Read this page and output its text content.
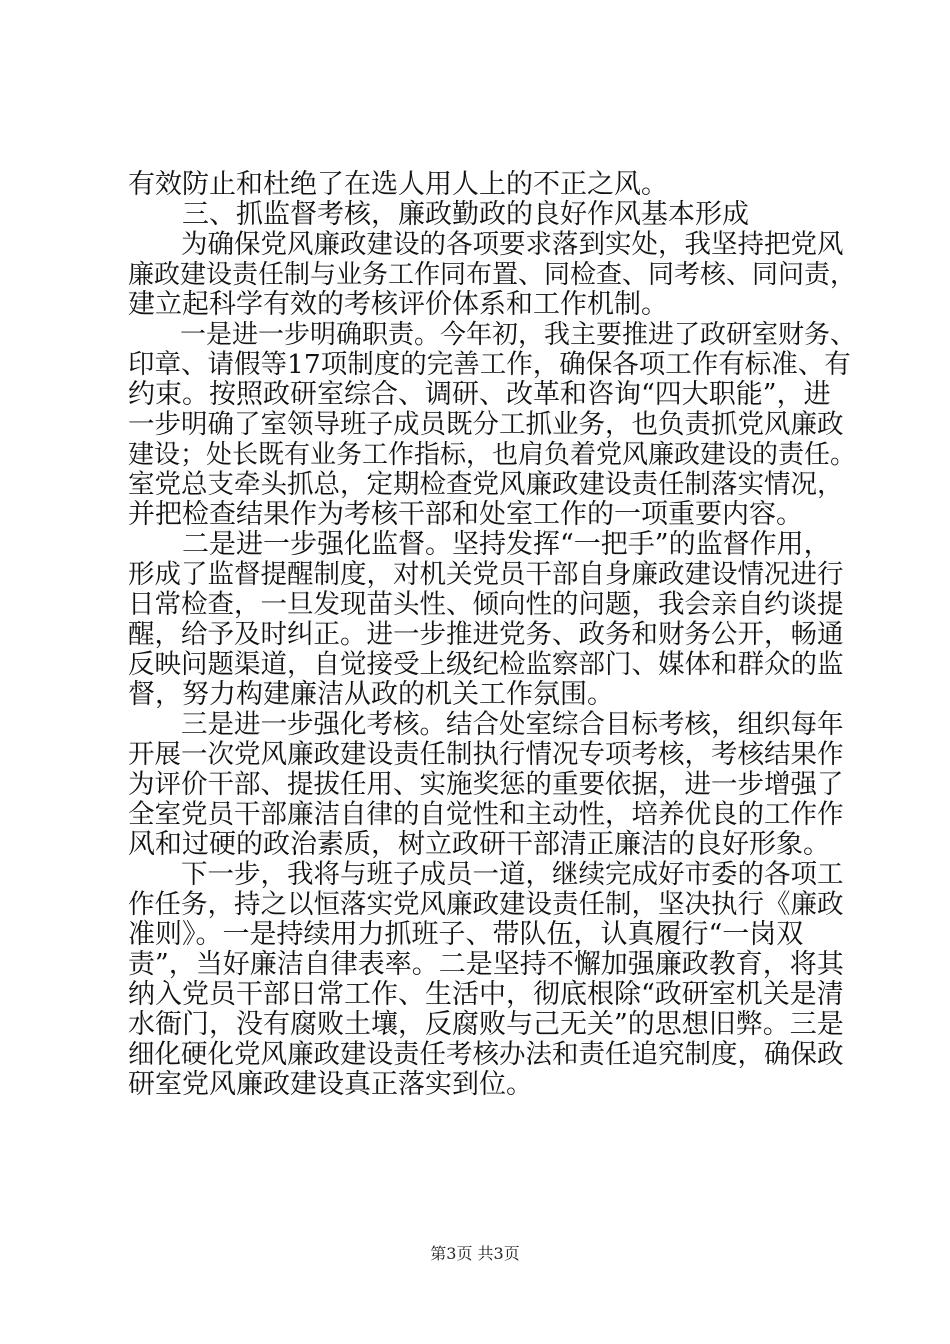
有效防止和杜绝了在选人用人上的不正之风。
　　三、抓监督考核，廉政勤政的良好作风基本形成
　　为确保党风廉政建设的各项要求落到实处，我坚持把党风
廉政建设责任制与业务工作同布置、同检查、同考核、同问责，
建立起科学有效的考核评价体系和工作机制。
　　一是进一步明确职责。今年初，我主要推进了政研室财务、
印章、请假等17项制度的完善工作，确保各项工作有标准、有
约束。按照政研室综合、调研、改革和咨询“四大职能”，进
一步明确了室领导班子成员既分工抓业务，也负责抓党风廉政
建设；处长既有业务工作指标，也肩负着党风廉政建设的责任。
室党总支牵头抓总，定期检查党风廉政建设责任制落实情况，
并把检查结果作为考核干部和处室工作的一项重要内容。
　　二是进一步强化监督。坚持发挥“一把手”的监督作用，
形成了监督提醒制度，对机关党员干部自身廉政建设情况进行
日常检查，一旦发现苗头性、倾向性的问题，我会亲自约谈提
醒，给予及时纠正。进一步推进党务、政务和财务公开，畅通
反映问题渠道，自觉接受上级纪检监察部门、媒体和群众的监
督，努力构建廉洁从政的机关工作氛围。
　　三是进一步强化考核。结合处室综合目标考核，组织每年
开展一次党风廉政建设责任制执行情况专项考核，考核结果作
为评价干部、提拔任用、实施奖惩的重要依据，进一步增强了
全室党员干部廉洁自律的自觉性和主动性，培养优良的工作作
风和过硬的政治素质，树立政研干部清正廉洁的良好形象。
　　下一步，我将与班子成员一道，继续完成好市委的各项工
作任务，持之以恒落实党风廉政建设责任制，坚决执行《廉政
准则》。一是持续用力抓班子、带队伍，认真履行“一岗双
责”，当好廉洁自律表率。二是坚持不懈加强廉政教育，将其
纳入党员干部日常工作、生活中，彻底根除“政研室机关是清
水衙门，没有腐败土壤，反腐败与己无关”的思想旧弊。三是
细化硬化党风廉政建设责任考核办法和责任追究制度，确保政
研室党风廉政建设真正落实到位。
第3页 共3页
